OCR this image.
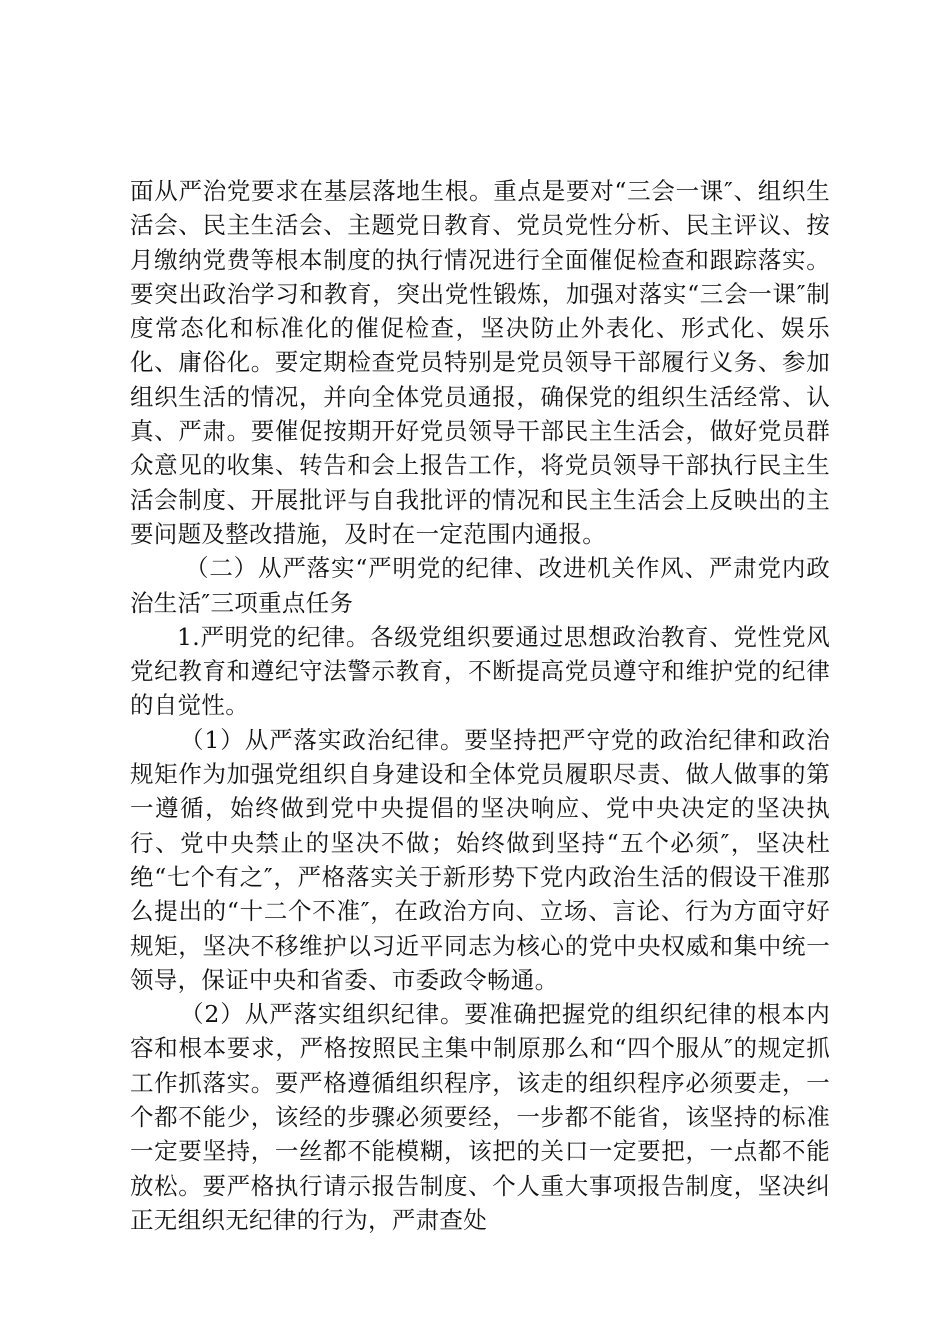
面从严治党要求在基层落地生根。重点是要对“三会一课″、组织生活会、民主生活会、主题党日教育、党员党性分析、民主评议、按月缴纳党费等根本制度的执行情况进行全面催促检查和跟踪落实。要突出政治学习和教育，突出党性锻炼，加强对落实“三会一课″制度常态化和标准化的催促检查，坚决防止外表化、形式化、娱乐化、庸俗化。要定期检查党员特别是党员领导干部履行义务、参加组织生活的情况，并向全体党员通报，确保党的组织生活经常、认真、严肃。要催促按期开好党员领导干部民主生活会，做好党员群众意见的收集、转告和会上报告工作，将党员领导干部执行民主生活会制度、开展批评与自我批评的情况和民主生活会上反映出的主要问题及整改措施，及时在一定范围内通报。

（二）从严落实“严明党的纪律、改进机关作风、严肃党内政治生活″三项重点任务

1.严明党的纪律。各级党组织要通过思想政治教育、党性党风党纪教育和遵纪守法警示教育，不断提高党员遵守和维护党的纪律的自觉性。

（1）从严落实政治纪律。要坚持把严守党的政治纪律和政治规矩作为加强党组织自身建设和全体党员履职尽责、做人做事的第一遵循，始终做到党中央提倡的坚决响应、党中央决定的坚决执行、党中央禁止的坚决不做；始终做到坚持“五个必须″，坚决杜绝“七个有之″，严格落实关于新形势下党内政治生活的假设干准那么提出的“十二个不准″，在政治方向、立场、言论、行为方面守好规矩，坚决不移维护以习近平同志为核心的党中央权威和集中统一领导，保证中央和省委、市委政令畅通。

（2）从严落实组织纪律。要准确把握党的组织纪律的根本内容和根本要求，严格按照民主集中制原那么和“四个服从″的规定抓工作抓落实。要严格遵循组织程序，该走的组织程序必须要走，一个都不能少，该经的步骤必须要经，一步都不能省，该坚持的标准一定要坚持，一丝都不能模糊，该把的关口一定要把，一点都不能放松。要严格执行请示报告制度、个人重大事项报告制度，坚决纠正无组织无纪律的行为，严肃查处
